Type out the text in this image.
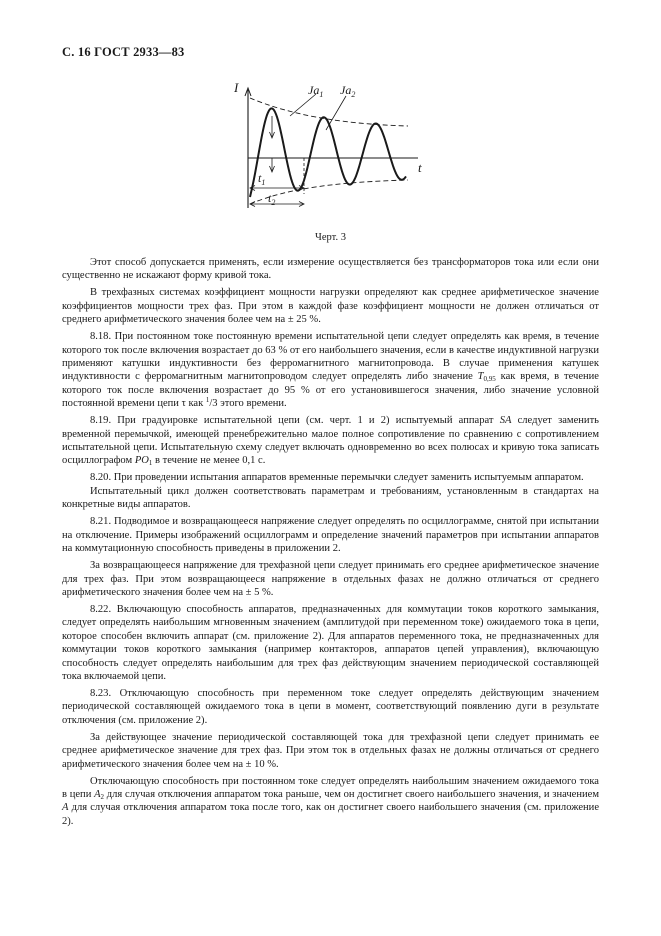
С. 16 ГОСТ 2933—83
I
t
$Ja_1$ $Ja_2$
$t_1$
$t_2$
Черт. 3

Этот способ допускается применять, если измерение осуществляется без трансформаторов тока или если они существенно не искажают форму кривой тока.

В трехфазных системах коэффициент мощности нагрузки определяют как среднее арифметическое значение коэффициентов мощности трех фаз. При этом в каждой фазе коэффициент мощности не должен отличаться от среднего арифметического значения более чем на ± 25 %.

8.18. При постоянном токе постоянную времени испытательной цепи следует определять как время, в течение которого ток после включения возрастает до 63 % от его наибольшего значения, если в качестве индуктивной нагрузки применяют катушки индуктивности без ферромагнитного магнитопровода. В случае применения катушек индуктивности с ферромагнитным магнитопроводом следует определять либо значение $T_{0,95}$ как время, в течение которого ток после включения возрастает до 95 % от его установившегося значения, либо значение условной постоянной времени цепи τ как $^1$/3 этого времени.

8.19. При градуировке испытательной цепи (см. черт. 1 и 2) испытуемый аппарат SA следует заменить временной перемычкой, имеющей пренебрежительно малое полное сопротивление по сравнению с сопротивлением испытательной цепи. Испытательную схему следует включать одновременно во всех полюсах и кривую тока записать осциллографом $PO_1$ в течение не менее 0,1 с.

8.20. При проведении испытания аппаратов временные перемычки следует заменить испытуемым аппаратом.

Испытательный цикл должен соответствовать параметрам и требованиям, установленным в стандартах на конкретные виды аппаратов.

8.21. Подводимое и возвращающееся напряжение следует определять по осциллограмме, снятой при испытании на отключение. Примеры изображений осциллограмм и определение значений параметров при испытании аппаратов на коммутационную способность приведены в приложении 2.

За возвращающееся напряжение для трехфазной цепи следует принимать его среднее арифметическое значение для трех фаз. При этом возвращающееся напряжение в отдельных фазах не должно отличаться от среднего арифметического значения более чем на ± 5 %.

8.22. Включающую способность аппаратов, предназначенных для коммутации токов короткого замыкания, следует определять наибольшим мгновенным значением (амплитудой при переменном токе) ожидаемого тока в цепи, которое способен включить аппарат (см. приложение 2). Для аппаратов переменного тока, не предназначенных для коммутации токов короткого замыкания (например контакторов, аппаратов цепей управления), включающую способность следует определять наибольшим для трех фаз действующим значением периодической составляющей тока включаемой цепи.

8.23. Отключающую способность при переменном токе следует определять действующим значением периодической составляющей ожидаемого тока в цепи в момент, соответствующий появлению дуги в результате отключения (см. приложение 2).

За действующее значение периодической составляющей тока для трехфазной цепи следует принимать ее среднее арифметическое значение для трех фаз. При этом ток в отдельных фазах не должны отличаться от среднего арифметического значения более чем на ± 10 %.

Отключающую способность при постоянном токе следует определять наибольшим значением ожидаемого тока в цепи $A_2$ для случая отключения аппаратом тока раньше, чем он достигнет своего наибольшего значения, и значением A для случая отключения аппаратом тока после того, как он достигнет своего наибольшего значения (см. приложение 2).
